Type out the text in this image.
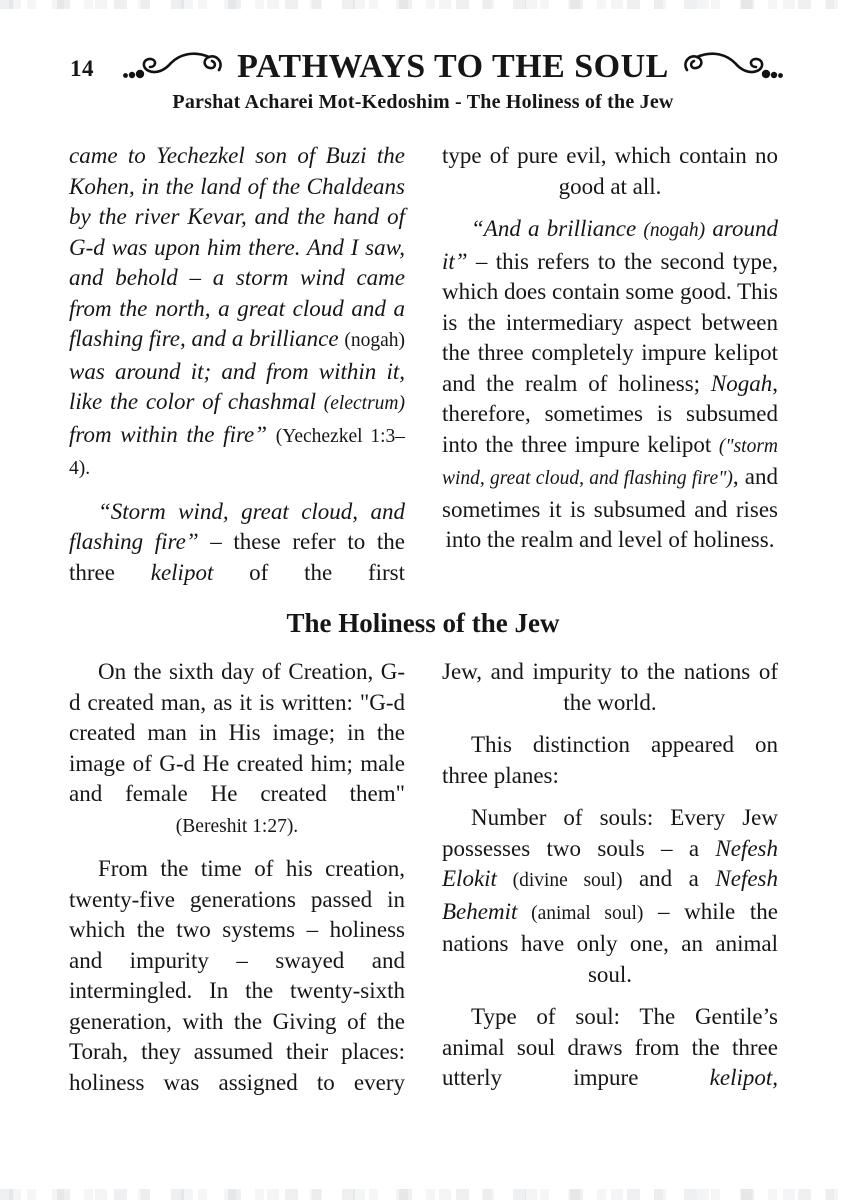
14	PATHWAYS TO THE SOUL
Parshat Acharei Mot-Kedoshim - The Holiness of the Jew

came to Yechezkel son of Buzi the Kohen, in the land of the Chaldeans by the river Kevar, and the hand of G-d was upon him there. And I saw, and behold – a storm wind came from the north, a great cloud and a flashing fire, and a brilliance (nogah) was around it; and from within it, like the color of chashmal (electrum) from within the fire” (Yechezkel 1:3–4).

“Storm wind, great cloud, and flashing fire” – these refer to the three kelipot of the first

type of pure evil, which contain no good at all.

“And a brilliance (nogah) around it” – this refers to the second type, which does contain some good. This is the intermediary aspect between the three completely impure kelipot and the realm of holiness; Nogah, therefore, sometimes is subsumed into the three impure kelipot ("storm wind, great cloud, and flashing fire"), and sometimes it is subsumed and rises into the realm and level of holiness.

The Holiness of the Jew

On the sixth day of Creation, G-d created man, as it is written: "G-d created man in His image; in the image of G-d He created him; male and female He created them" (Bereshit 1:27).

From the time of his creation, twenty-five generations passed in which the two systems – holiness and impurity – swayed and intermingled. In the twenty-sixth generation, with the Giving of the Torah, they assumed their places: holiness was assigned to every

Jew, and impurity to the nations of the world.

This distinction appeared on three planes:

Number of souls: Every Jew possesses two souls – a Nefesh Elokit (divine soul) and a Nefesh Behemit (animal soul) – while the nations have only one, an animal soul.

Type of soul: The Gentile’s animal soul draws from the three utterly impure kelipot,
